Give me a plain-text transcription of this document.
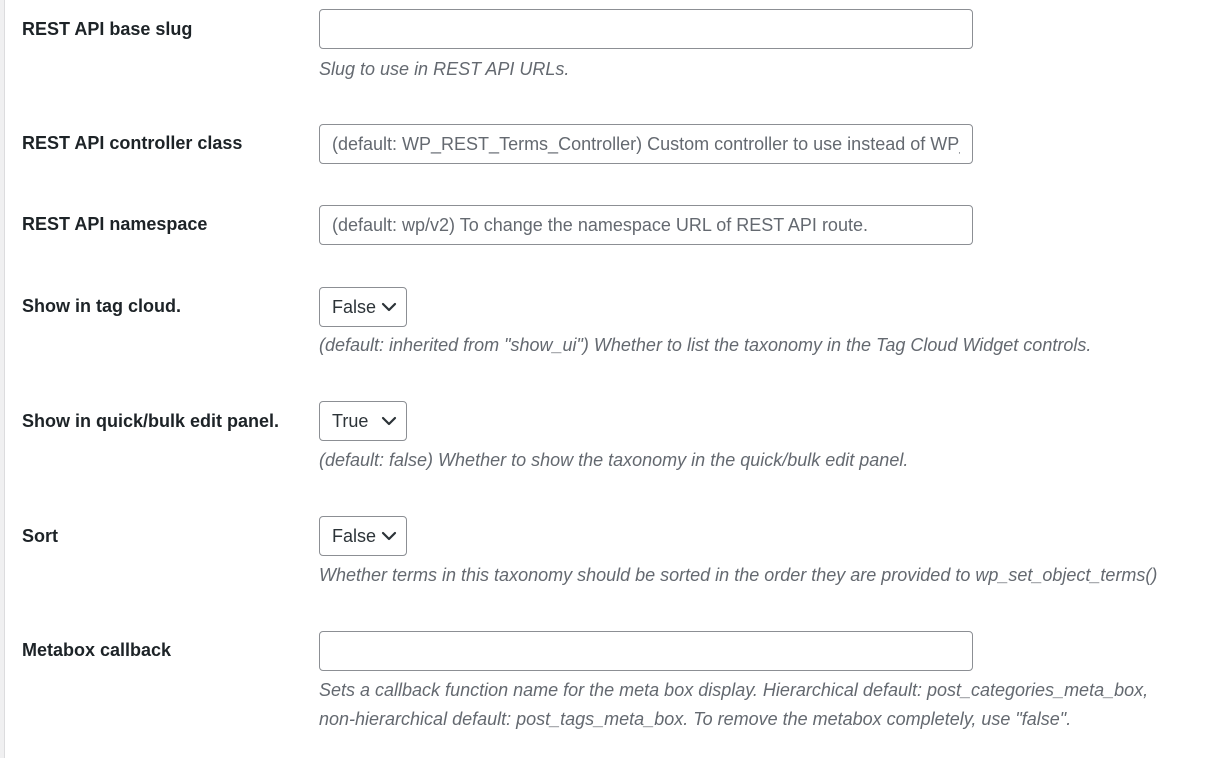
REST API base slug
Slug to use in REST API URLs.
REST API controller class
(default: WP_REST_Terms_Controller) Custom controller to use instead of WP_REST_Terms_Controller.
REST API namespace
(default: wp/v2) To change the namespace URL of REST API route.
Show in tag cloud.	False
(default: inherited from "show_ui") Whether to list the taxonomy in the Tag Cloud Widget controls.
Show in quick/bulk edit panel.	True
(default: false) Whether to show the taxonomy in the quick/bulk edit panel.
Sort	False
Whether terms in this taxonomy should be sorted in the order they are provided to wp_set_object_terms()
Metabox callback
Sets a callback function name for the meta box display. Hierarchical default: post_categories_meta_box,
non-hierarchical default: post_tags_meta_box. To remove the metabox completely, use "false".
